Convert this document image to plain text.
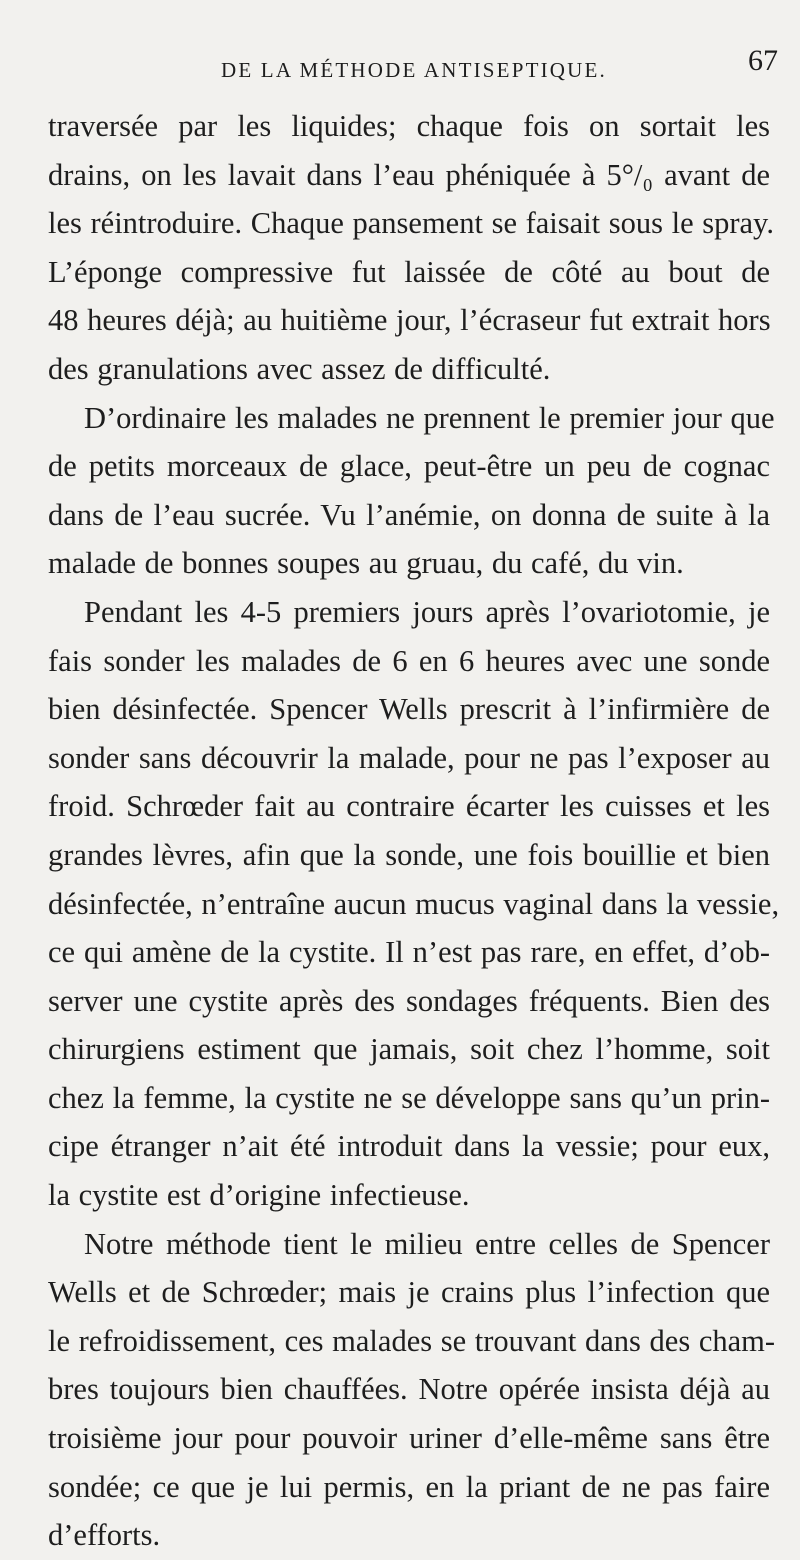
DE LA MÉTHODE ANTISEPTIQUE.	67
traversée par les liquides; chaque fois on sortait les
drains, on les lavait dans l’eau phéniquée à 5°/₀ avant de
les réintroduire. Chaque pansement se faisait sous le spray.
L’éponge compressive fut laissée de côté au bout de
48 heures déjà; au huitième jour, l’écraseur fut extrait hors
des granulations avec assez de difficulté.
D’ordinaire les malades ne prennent le premier jour que
de petits morceaux de glace, peut-être un peu de cognac
dans de l’eau sucrée. Vu l’anémie, on donna de suite à la
malade de bonnes soupes au gruau, du café, du vin.
Pendant les 4-5 premiers jours après l’ovariotomie, je
fais sonder les malades de 6 en 6 heures avec une sonde
bien désinfectée. Spencer Wells prescrit à l’infirmière de
sonder sans découvrir la malade, pour ne pas l’exposer au
froid. Schrœder fait au contraire écarter les cuisses et les
grandes lèvres, afin que la sonde, une fois bouillie et bien
désinfectée, n’entraîne aucun mucus vaginal dans la vessie,
ce qui amène de la cystite. Il n’est pas rare, en effet, d’ob-
server une cystite après des sondages fréquents. Bien des
chirurgiens estiment que jamais, soit chez l’homme, soit
chez la femme, la cystite ne se développe sans qu’un prin-
cipe étranger n’ait été introduit dans la vessie; pour eux,
la cystite est d’origine infectieuse.
Notre méthode tient le milieu entre celles de Spencer
Wells et de Schrœder; mais je crains plus l’infection que
le refroidissement, ces malades se trouvant dans des cham-
bres toujours bien chauffées. Notre opérée insista déjà au
troisième jour pour pouvoir uriner d’elle-même sans être
sondée; ce que je lui permis, en la priant de ne pas faire
d’efforts.
